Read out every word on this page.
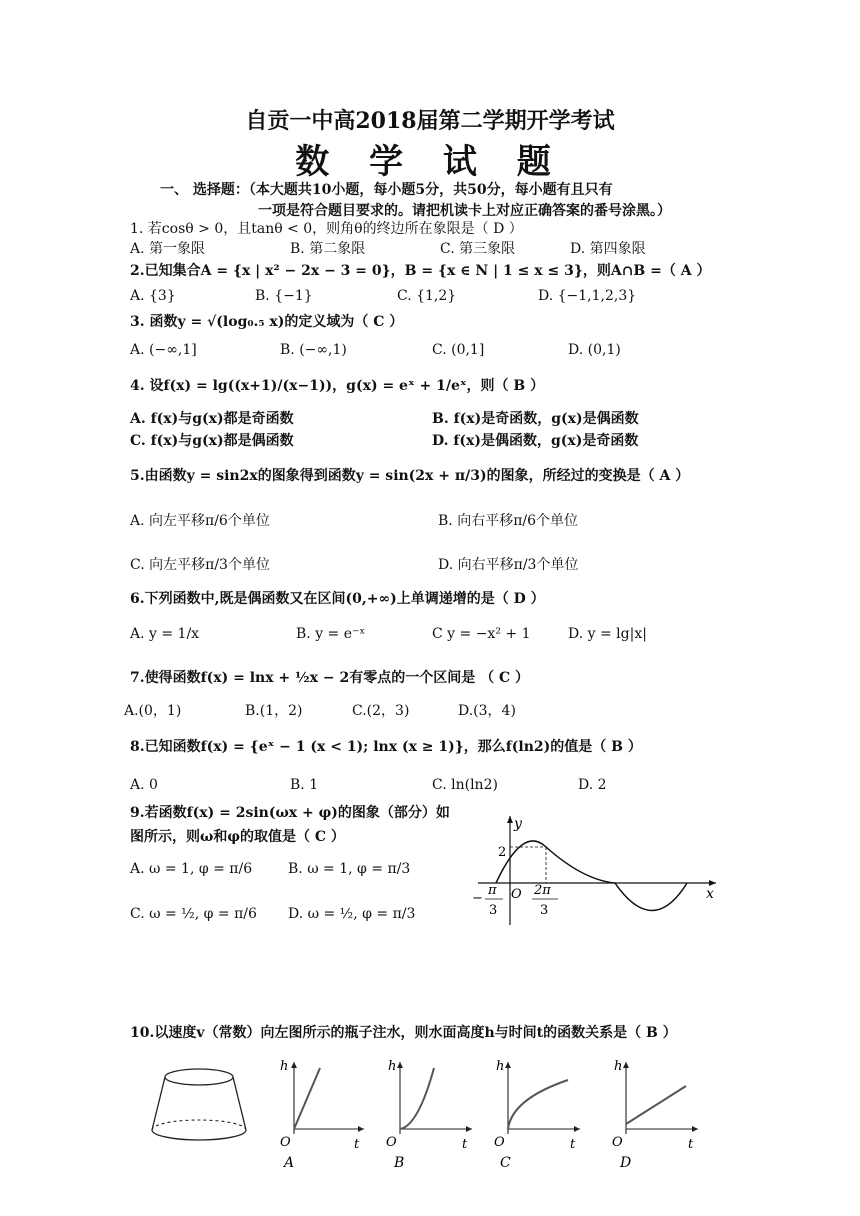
自贡一中高2018届第二学期开学考试
数 学 试 题
一、 选择题：（本大题共10小题，每小题5分，共50分，每小题有且只有
一项是符合题目要求的。请把机读卡上对应正确答案的番号涂黑。）
1. 若cosθ > 0，且tanθ < 0，则角θ的终边所在象限是（ D ）
A. 第一象限	B. 第二象限	C. 第三象限	D. 第四象限
2.已知集合A = {x | x² − 2x − 3 = 0}，B = {x ∈ N | 1 ≤ x ≤ 3}，则A∩B =（ A ）
A. {3}	B. {−1}	C. {1,2}	D. {−1,1,2,3}
3. 函数y = √(log₀.₅ x)的定义域为（ C ）
A. (−∞,1]	B. (−∞,1)	C. (0,1]	D. (0,1)
4. 设f(x) = lg((x+1)/(x−1))，g(x) = eˣ + 1/eˣ，则（ B ）
A. f(x)与g(x)都是奇函数	B. f(x)是奇函数，g(x)是偶函数
C. f(x)与g(x)都是偶函数	D. f(x)是偶函数，g(x)是奇函数
5.由函数y = sin2x的图象得到函数y = sin(2x + π/3)的图象，所经过的变换是（ A ）
A. 向左平移π/6个单位	B. 向右平移π/6个单位
C. 向左平移π/3个单位	D. 向右平移π/3个单位
6.下列函数中,既是偶函数又在区间(0,+∞)上单调递增的是（ D ）
A. y = 1/x	B. y = e⁻ˣ	C y = −x² + 1	D. y = lg|x|
7.使得函数f(x) = lnx + ½x − 2有零点的一个区间是 （ C ）
A.(0，1)	B.(1，2)	C.(2，3)	D.(3，4)
8.已知函数f(x) = {eˣ − 1 (x < 1); lnx (x ≥ 1)}，那么f(ln2)的值是（ B ）
A. 0	B. 1	C. ln(ln2)	D. 2
9.若函数f(x) = 2sin(ωx + φ)的图象（部分）如图所示，则ω和φ的取值是（ C ）
A. ω = 1, φ = π/6	B. ω = 1, φ = π/3
C. ω = ½, φ = π/6 D. ω = ½, φ = π/3
y
x
2
O
−
π
3
2π
3
10.以速度v（常数）向左图所示的瓶子注水，则水面高度h与时间t的函数关系是（ B ）
h
t
O
A
h
t
O
B
h
t
O
C
h
t
O
D
